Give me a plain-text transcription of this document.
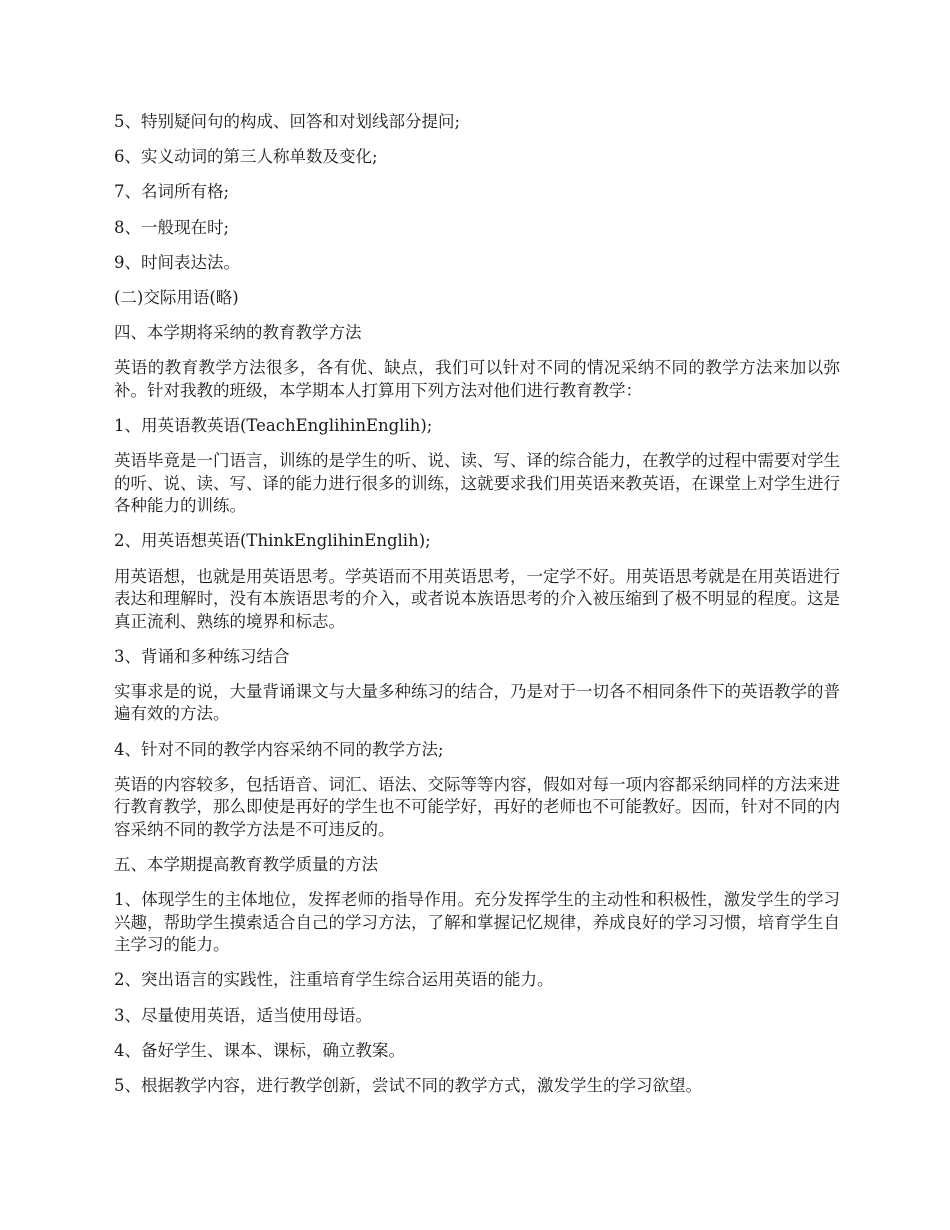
5、特别疑问句的构成、回答和对划线部分提问;

6、实义动词的第三人称单数及变化;

7、名词所有格;

8、一般现在时;

9、时间表达法。

(二)交际用语(略)

四、本学期将采纳的教育教学方法

英语的教育教学方法很多，各有优、缺点，我们可以针对不同的情况采纳不同的教学方法来加以弥补。针对我教的班级，本学期本人打算用下列方法对他们进行教育教学：

1、用英语教英语(TeachEnglihinEnglih);

英语毕竟是一门语言，训练的是学生的听、说、读、写、译的综合能力，在教学的过程中需要对学生的听、说、读、写、译的能力进行很多的训练，这就要求我们用英语来教英语，在课堂上对学生进行各种能力的训练。

2、用英语想英语(ThinkEnglihinEnglih);

用英语想，也就是用英语思考。学英语而不用英语思考，一定学不好。用英语思考就是在用英语进行表达和理解时，没有本族语思考的介入，或者说本族语思考的介入被压缩到了极不明显的程度。这是真正流利、熟练的境界和标志。

3、背诵和多种练习结合

实事求是的说，大量背诵课文与大量多种练习的结合，乃是对于一切各不相同条件下的英语教学的普遍有效的方法。

4、针对不同的教学内容采纳不同的教学方法;

英语的内容较多，包括语音、词汇、语法、交际等等内容，假如对每一项内容都采纳同样的方法来进行教育教学，那么即使是再好的学生也不可能学好，再好的老师也不可能教好。因而，针对不同的内容采纳不同的教学方法是不可违反的。

五、本学期提高教育教学质量的方法

1、体现学生的主体地位，发挥老师的指导作用。充分发挥学生的主动性和积极性，激发学生的学习兴趣，帮助学生摸索适合自己的学习方法，了解和掌握记忆规律，养成良好的学习习惯，培育学生自主学习的能力。

2、突出语言的实践性，注重培育学生综合运用英语的能力。

3、尽量使用英语，适当使用母语。

4、备好学生、课本、课标，确立教案。

5、根据教学内容，进行教学创新，尝试不同的教学方式，激发学生的学习欲望。
